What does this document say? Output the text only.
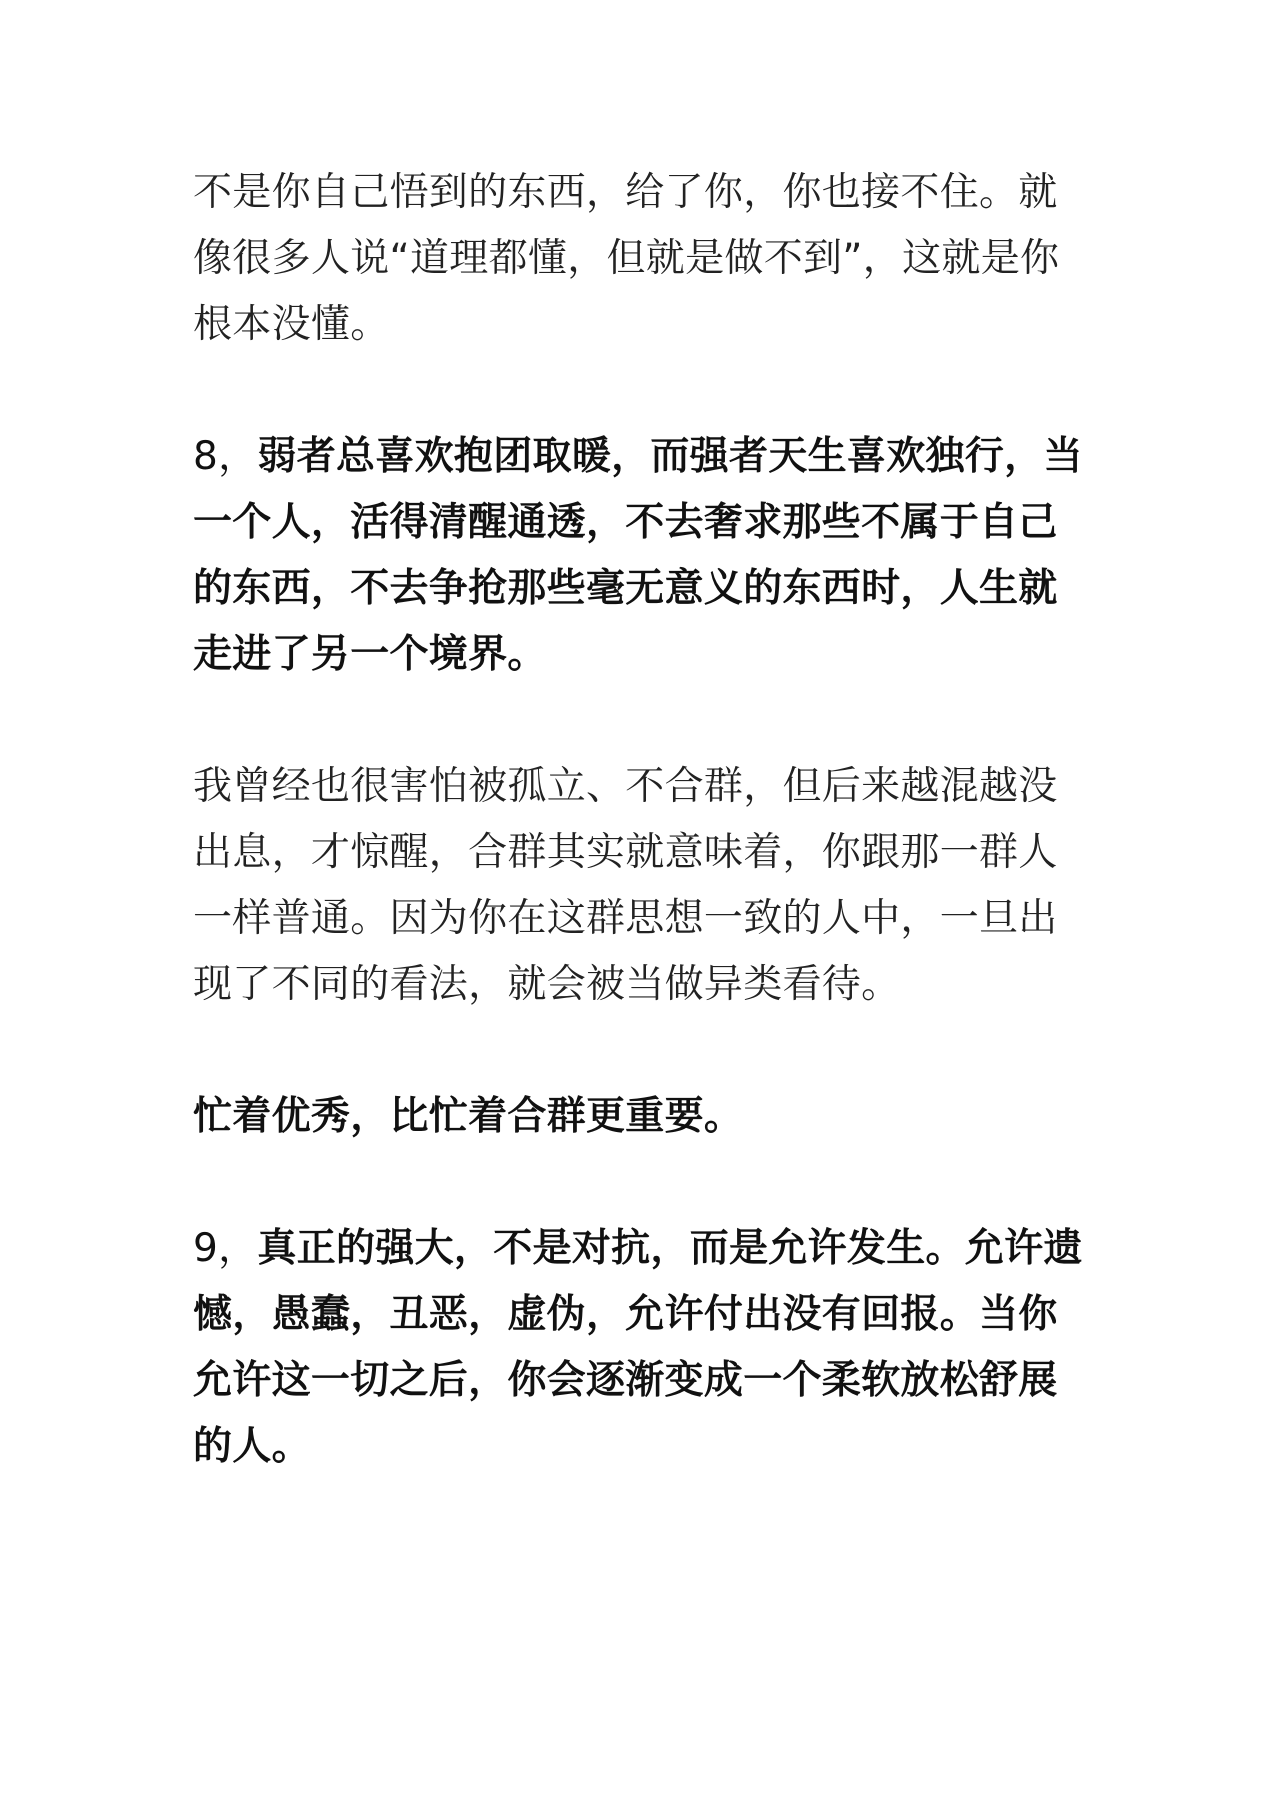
不是你自己悟到的东西，给了你，你也接不住。就像很多人说“道理都懂，但就是做不到”，这就是你根本没懂。

8，弱者总喜欢抱团取暖，而强者天生喜欢独行，当一个人，活得清醒通透，不去奢求那些不属于自己的东西，不去争抢那些毫无意义的东西时，人生就走进了另一个境界。

我曾经也很害怕被孤立、不合群，但后来越混越没出息，才惊醒，合群其实就意味着，你跟那一群人一样普通。因为你在这群思想一致的人中，一旦出现了不同的看法，就会被当做异类看待。

忙着优秀，比忙着合群更重要。

9，真正的强大，不是对抗，而是允许发生。允许遗憾，愚蠢，丑恶，虚伪，允许付出没有回报。当你允许这一切之后，你会逐渐变成一个柔软放松舒展的人。
